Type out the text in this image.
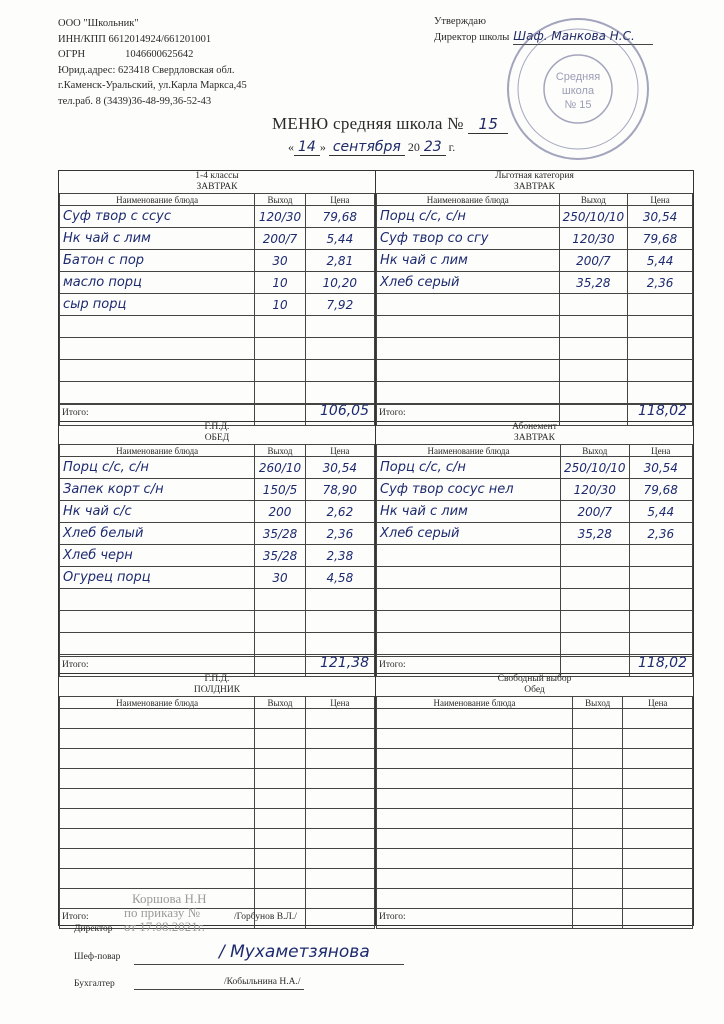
ООО "Школьник"
ИНН/КПП 6612014924/661201001
ОГРН	1046600625642
Юрид.адрес: 623418 Свердловская обл.
г.Каменск-Уральский, ул.Карла Маркса,45
тел.раб. 8 (3439)36-48-99,36-52-43
Утверждаю
Директор школы Шаф. Манкова Н.С.
Средняя
школа
№ 15
МЕНЮ средняя школа № 15
« 14 » сентября 20 23 г.
1-4 классы
ЗАВТРАК
Наименование блюда	Выход	Цена
Суф твор с ссус	120/30	79,68
Нк чай с лим	200/7	5,44
Батон с пор	30	2,81
масло порц	10	10,20
сыр порц	10	7,92

Итого:	106,05
Льготная категория
ЗАВТРАК
Наименование блюда	Выход	Цена
Порц с/с, с/н	250/10/10	30,54
Суф твор со сгу	120/30	79,68
Нк чай с лим	200/7	5,44
Хлеб серый	35,28	2,36

Итого:	118,02
Г.П.Д.
ОБЕД
Наименование блюда	Выход	Цена
Порц с/с, с/н	260/10	30,54
Запек корт с/н	150/5	78,90
Нк чай с/с	200	2,62
Хлеб белый	35/28	2,36
Хлеб черн	35/28	2,38
Огурец порц	30	4,58

Итого:	121,38
Абонемент
ЗАВТРАК
Наименование блюда	Выход	Цена
Порц с/с, с/н	250/10/10	30,54
Суф твор сосус нел	120/30	79,68
Нк чай с лим	200/7	5,44
Хлеб серый	35,28	2,36

Итого:	118,02
Г.П.Д.
ПОЛДНИК
Наименование блюда	Выход	Цена

Итого:
Свободный выбор
Обед
Наименование блюда	Выход	Цена

Итого:
Коршова Н.Н
по приказу №
от 17.08.2021г.
Директор
/Горбунов В.Л./
Шеф-повар	/ Мухаметзянова
Бухгалтер	/Кобыльнина Н.А./
